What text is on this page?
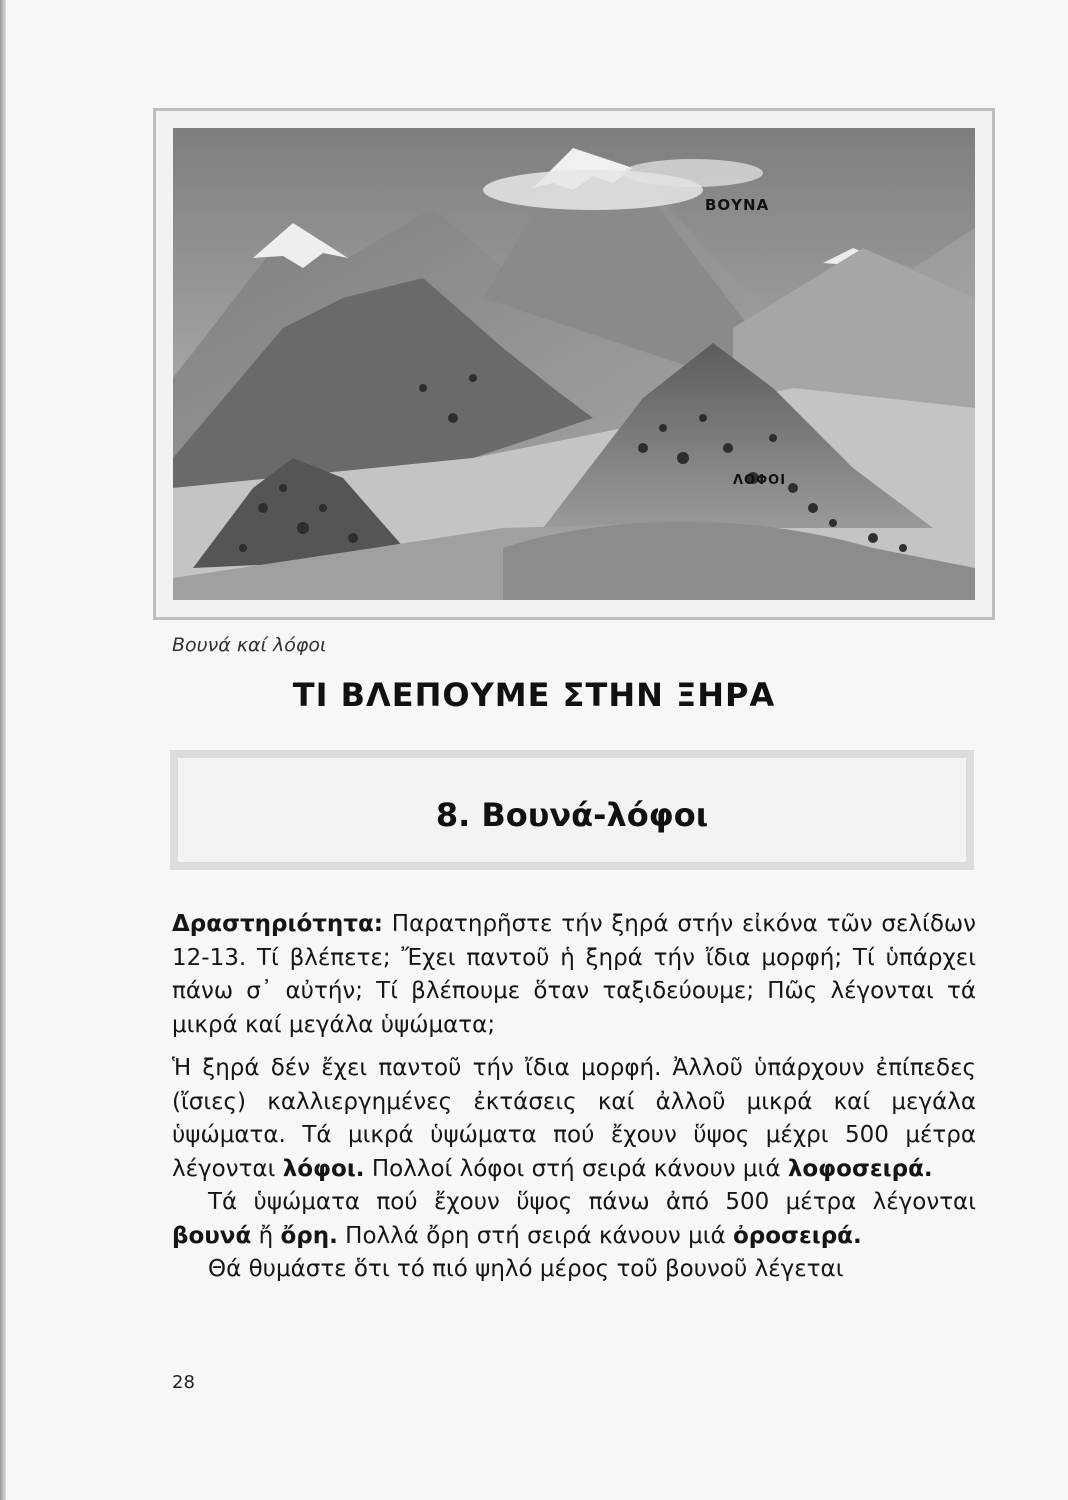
ΒΟΥΝΑ
ΛΟΦΟΙ
Βουνά καί λόφοι
ΤΙ ΒΛΕΠΟΥΜΕ ΣΤΗΝ ΞΗΡΑ
8. Βουνά-λόφοι

Δραστηριότητα: Παρατηρῆστε τήν ξηρά στήν εἰκόνα τῶν σελίδων 12-13. Τί βλέπετε; Ἔχει παντοῦ ἡ ξηρά τήν ἴδια μορφή; Τί ὑπάρχει πάνω σ᾿ αὐτήν; Τί βλέπουμε ὅταν ταξιδεύουμε; Πῶς λέγονται τά μικρά καί μεγάλα ὑψώματα;

Ἡ ξηρά δέν ἔχει παντοῦ τήν ἴδια μορφή. Ἀλλοῦ ὑπάρχουν ἐπίπεδες (ἴσιες) καλλιεργημένες ἐκτάσεις καί ἀλλοῦ μικρά καί μεγάλα ὑψώματα. Τά μικρά ὑψώματα πού ἔχουν ὕψος μέχρι 500 μέτρα λέγονται λόφοι. Πολλοί λόφοι στή σειρά κάνουν μιά λοφοσειρά.

Τά ὑψώματα πού ἔχουν ὕψος πάνω ἀπό 500 μέτρα λέγονται βουνά ἤ ὄρη. Πολλά ὄρη στή σειρά κάνουν μιά ὀροσειρά.

Θά θυμάστε ὅτι τό πιό ψηλό μέρος τοῦ βουνοῦ λέγεται

28
